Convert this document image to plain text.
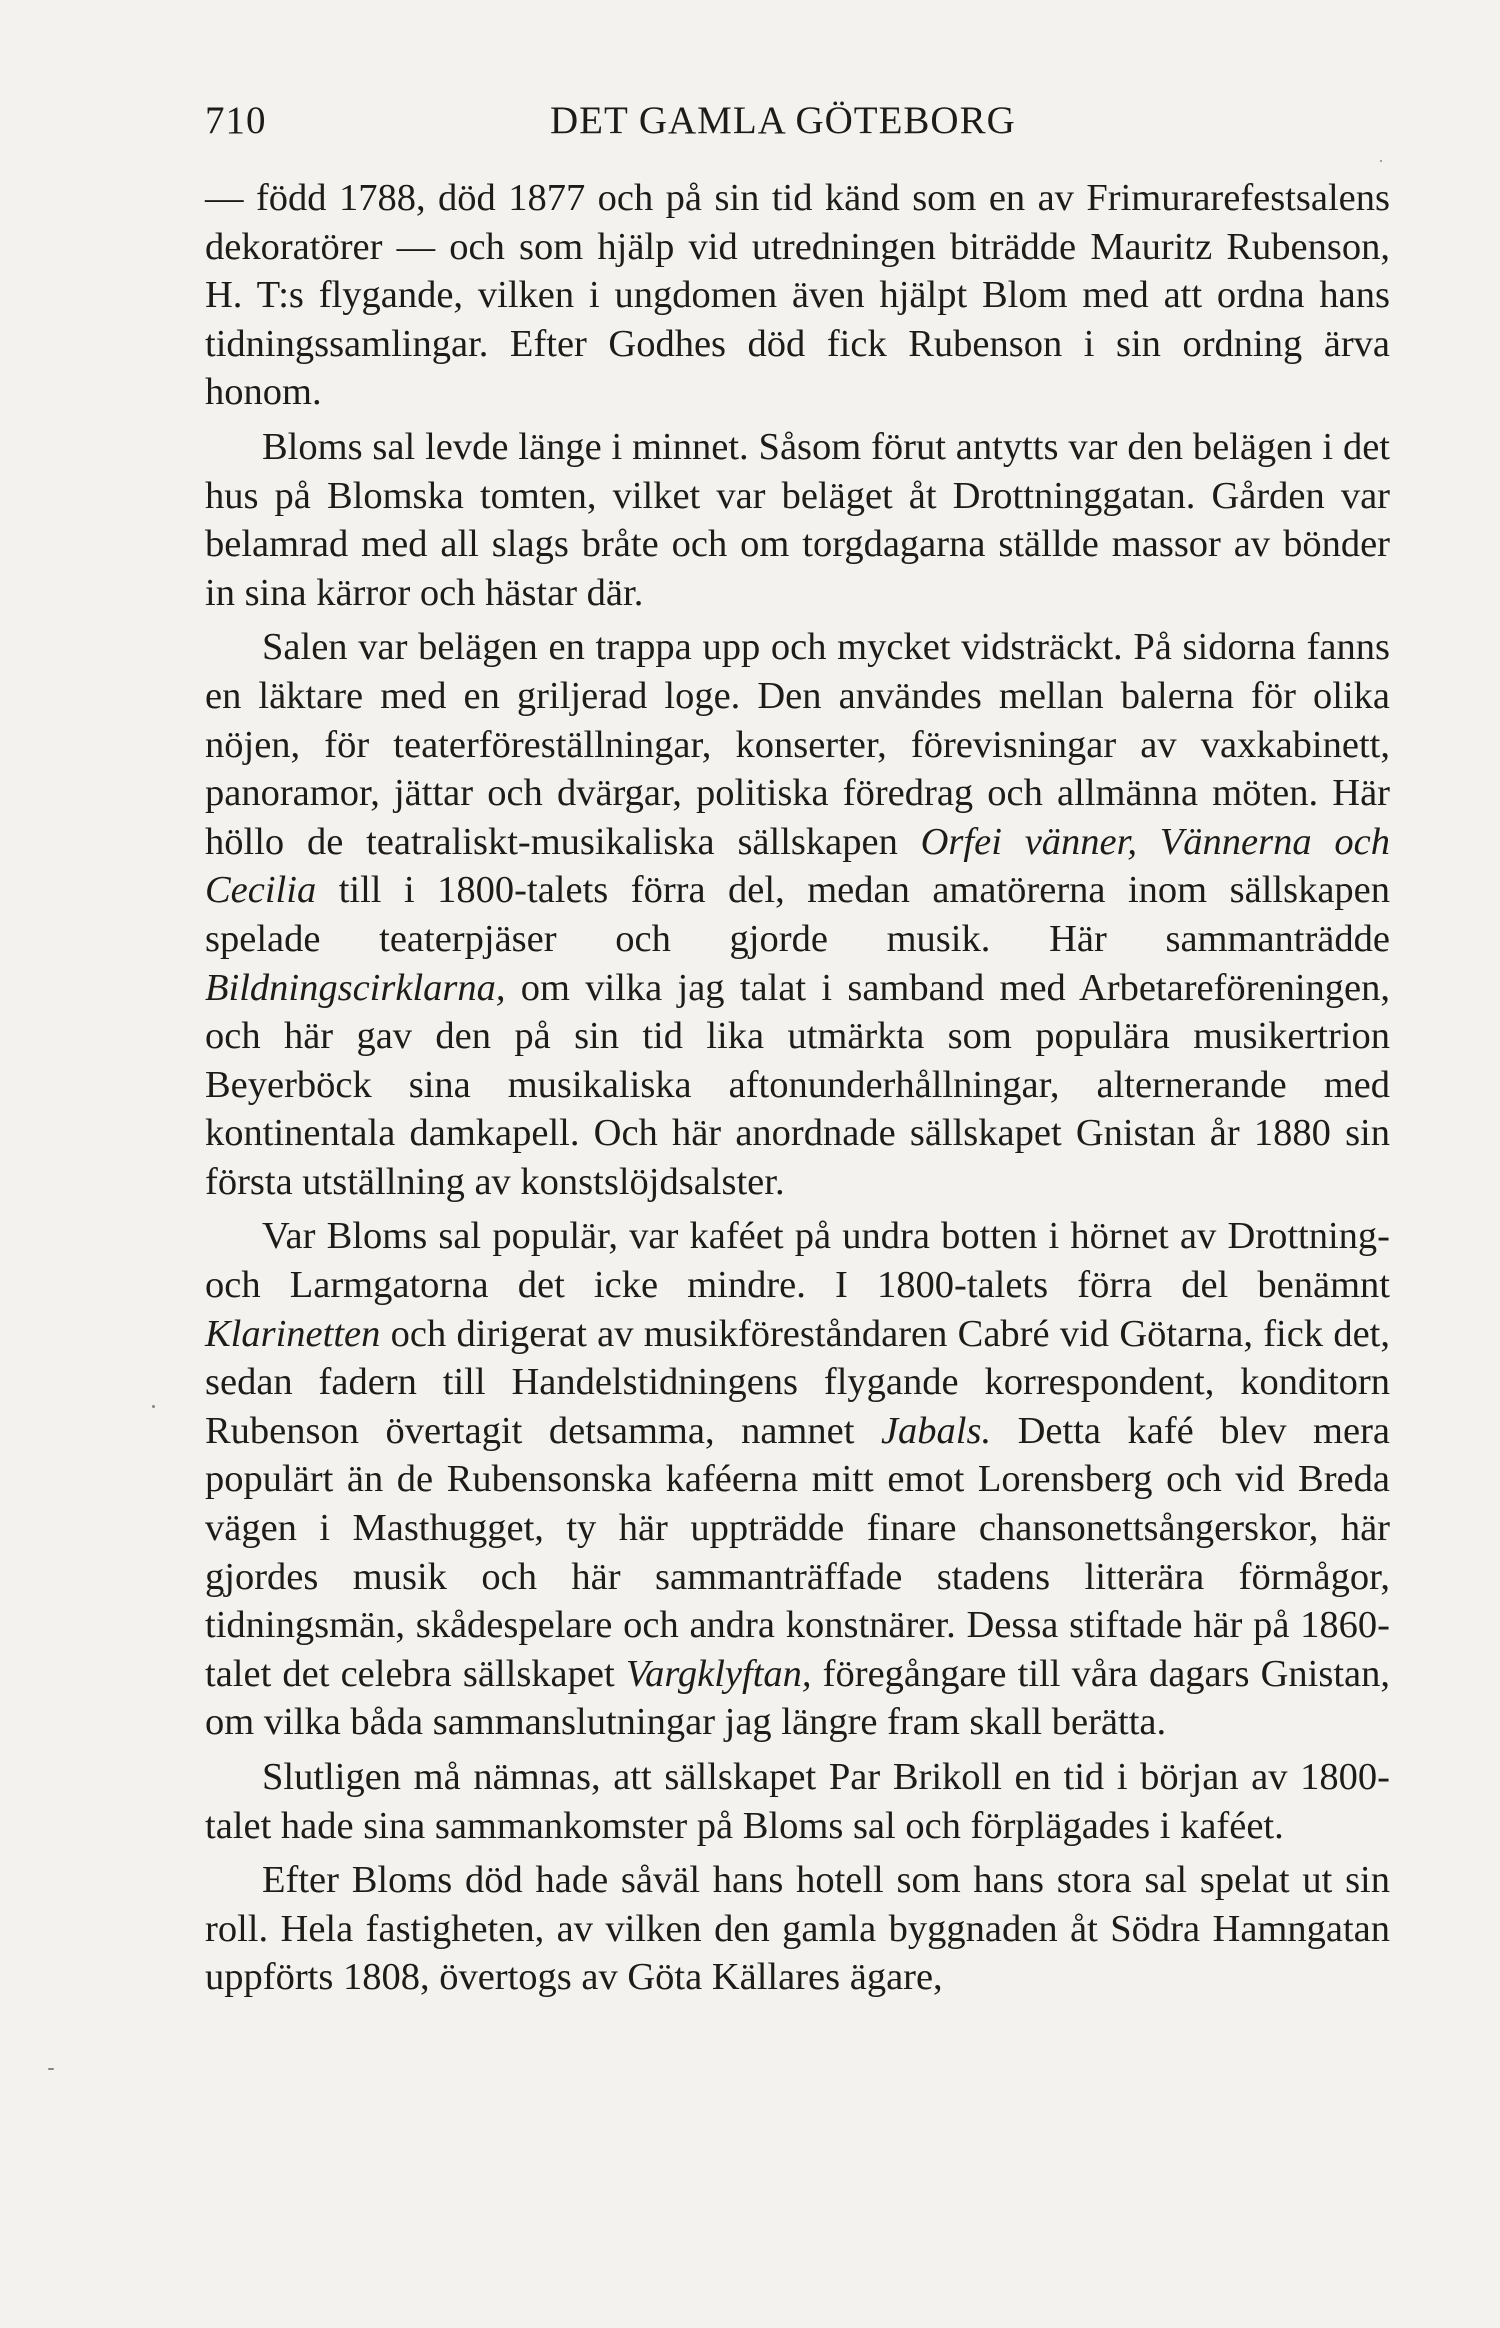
710	DET GAMLA GÖTEBORG

— född 1788, död 1877 och på sin tid känd som en av Frimurarefestsalens dekoratörer — och som hjälp vid utredningen biträdde Mauritz Rubenson, H. T:s flygande, vilken i ungdomen även hjälpt Blom med att ordna hans tidningssamlingar. Efter Godhes död fick Rubenson i sin ordning ärva honom.

Bloms sal levde länge i minnet. Såsom förut antytts var den belägen i det hus på Blomska tomten, vilket var beläget åt Drottninggatan. Gården var belamrad med all slags bråte och om torgdagarna ställde massor av bönder in sina kärror och hästar där.

Salen var belägen en trappa upp och mycket vidsträckt. På sidorna fanns en läktare med en griljerad loge. Den användes mellan balerna för olika nöjen, för teaterföreställningar, konserter, förevisningar av vaxkabinett, panoramor, jättar och dvärgar, politiska föredrag och allmänna möten. Här höllo de teatraliskt-musikaliska sällskapen Orfei vänner, Vännerna och Cecilia till i 1800-talets förra del, medan amatörerna inom sällskapen spelade teaterpjäser och gjorde musik. Här sammanträdde Bildningscirklarna, om vilka jag talat i samband med Arbetareföreningen, och här gav den på sin tid lika utmärkta som populära musikertrion Beyerböck sina musikaliska aftonunderhållningar, alternerande med kontinentala damkapell. Och här anordnade sällskapet Gnistan år 1880 sin första utställning av konstslöjdsalster.

Var Bloms sal populär, var kaféet på undra botten i hörnet av Drottning- och Larmgatorna det icke mindre. I 1800-talets förra del benämnt Klarinetten och dirigerat av musikföreståndaren Cabré vid Götarna, fick det, sedan fadern till Handelstidningens flygande korrespondent, konditorn Rubenson övertagit detsamma, namnet Jabals. Detta kafé blev mera populärt än de Rubensonska kaféerna mitt emot Lorensberg och vid Breda vägen i Masthugget, ty här uppträdde finare chansonettsångerskor, här gjordes musik och här sammanträffade stadens litterära förmågor, tidningsmän, skådespelare och andra konstnärer. Dessa stiftade här på 1860-talet det celebra sällskapet Vargklyftan, föregångare till våra dagars Gnistan, om vilka båda sammanslutningar jag längre fram skall berätta.

Slutligen må nämnas, att sällskapet Par Brikoll en tid i början av 1800-talet hade sina sammankomster på Bloms sal och förplägades i kaféet.

Efter Bloms död hade såväl hans hotell som hans stora sal spelat ut sin roll. Hela fastigheten, av vilken den gamla byggnaden åt Södra Hamngatan uppförts 1808, övertogs av Göta Källares ägare,
